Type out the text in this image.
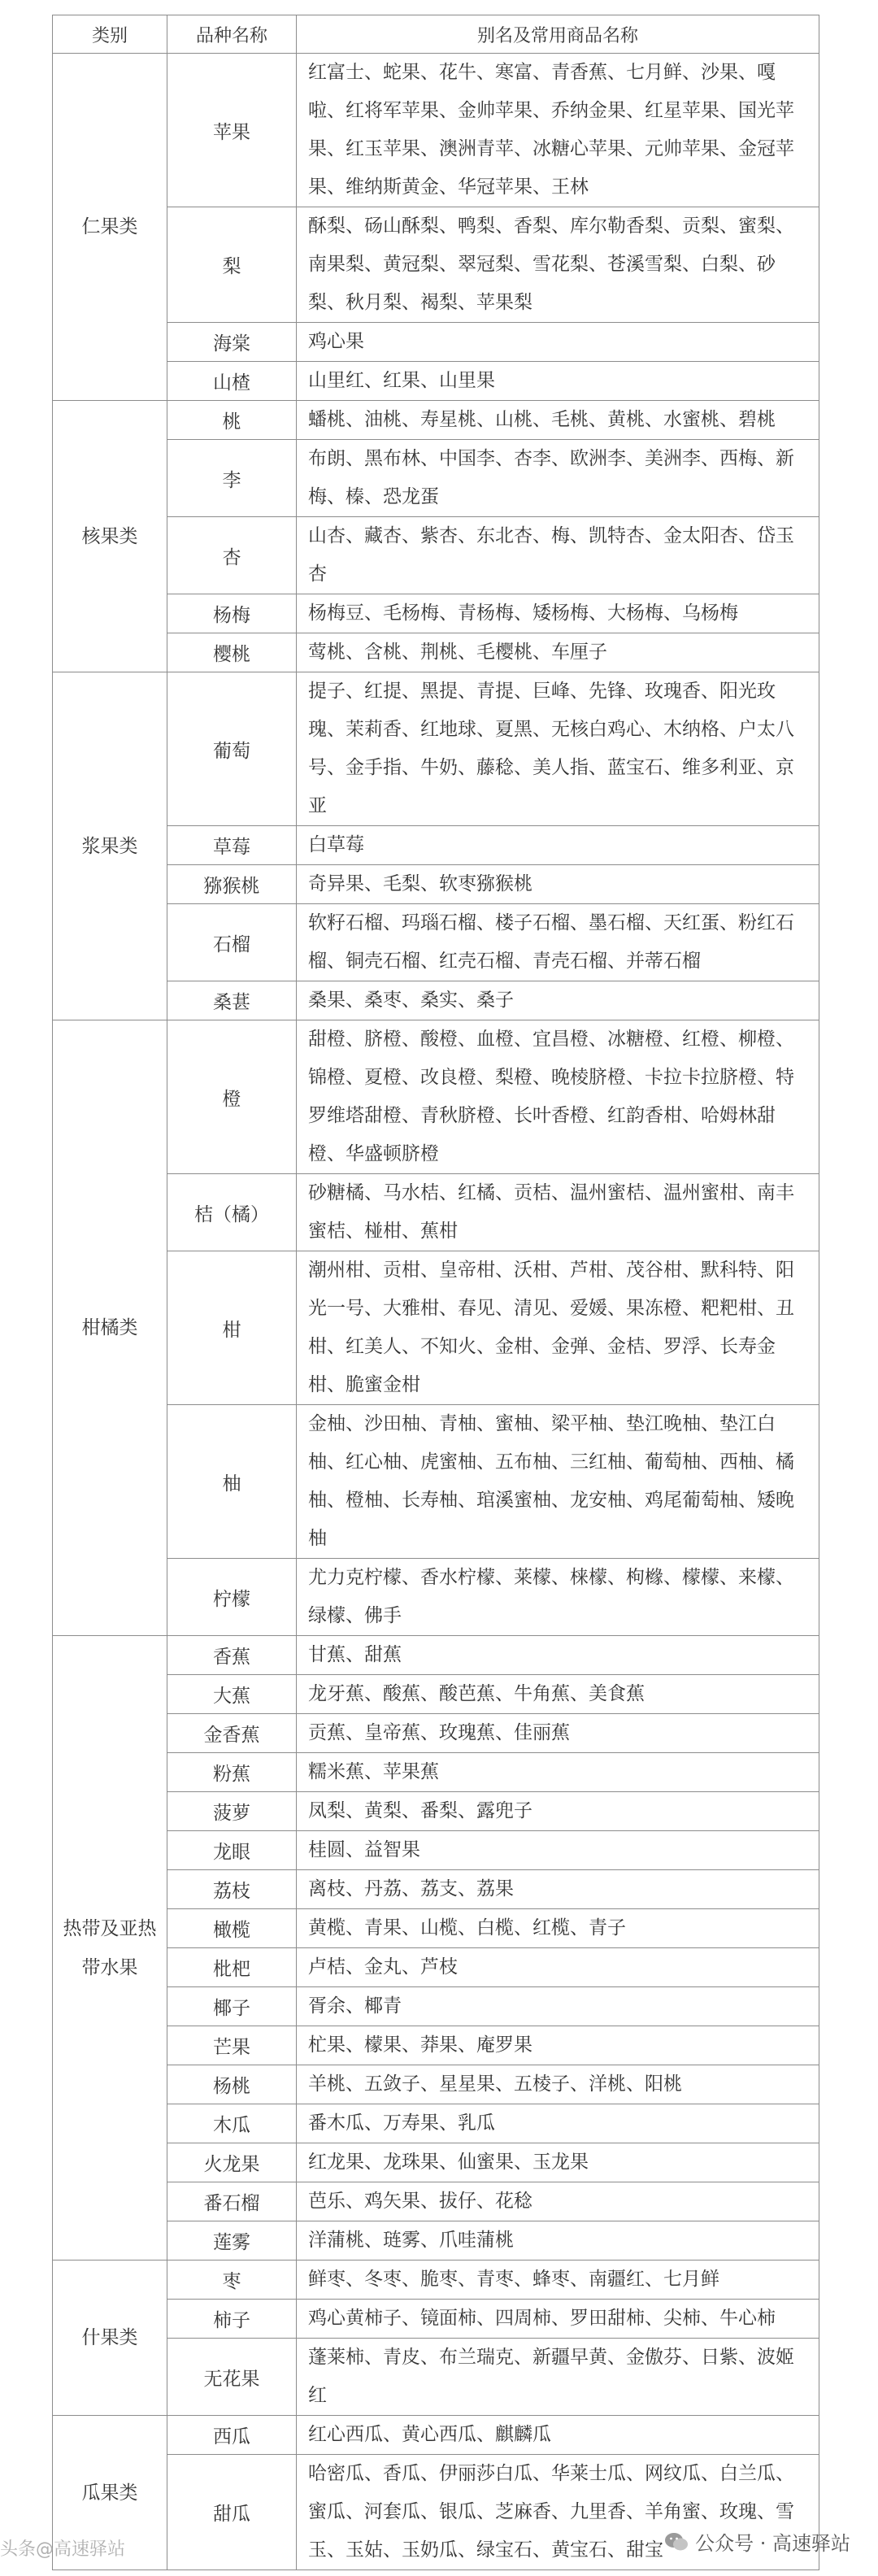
类别	品种名称	别名及常用商品名称
仁果类	苹果	红富士、蛇果、花牛、寒富、青香蕉、七月鲜、沙果、嘎啦、红将军苹果、金帅苹果、乔纳金果、红星苹果、国光苹果、红玉苹果、澳洲青苹、冰糖心苹果、元帅苹果、金冠苹果、维纳斯黄金、华冠苹果、王林
	梨	酥梨、砀山酥梨、鸭梨、香梨、库尔勒香梨、贡梨、蜜梨、南果梨、黄冠梨、翠冠梨、雪花梨、苍溪雪梨、白梨、砂梨、秋月梨、褐梨、苹果梨
	海棠	鸡心果
	山楂	山里红、红果、山里果
核果类	桃	蟠桃、油桃、寿星桃、山桃、毛桃、黄桃、水蜜桃、碧桃
	李	布朗、黑布林、中国李、杏李、欧洲李、美洲李、西梅、新梅、榛、恐龙蛋
	杏	山杏、藏杏、紫杏、东北杏、梅、凯特杏、金太阳杏、岱玉杏
	杨梅	杨梅豆、毛杨梅、青杨梅、矮杨梅、大杨梅、乌杨梅
	樱桃	莺桃、含桃、荆桃、毛樱桃、车厘子
浆果类	葡萄	提子、红提、黑提、青提、巨峰、先锋、玫瑰香、阳光玫瑰、茉莉香、红地球、夏黑、无核白鸡心、木纳格、户太八号、金手指、牛奶、藤稔、美人指、蓝宝石、维多利亚、京亚
	草莓	白草莓
	猕猴桃	奇异果、毛梨、软枣猕猴桃
	石榴	软籽石榴、玛瑙石榴、楼子石榴、墨石榴、天红蛋、粉红石榴、铜壳石榴、红壳石榴、青壳石榴、并蒂石榴
	桑葚	桑果、桑枣、桑实、桑子
柑橘类	橙	甜橙、脐橙、酸橙、血橙、宜昌橙、冰糖橙、红橙、柳橙、锦橙、夏橙、改良橙、梨橙、晚棱脐橙、卡拉卡拉脐橙、特罗维塔甜橙、青秋脐橙、长叶香橙、红韵香柑、哈姆林甜橙、华盛顿脐橙
	桔（橘）	砂糖橘、马水桔、红橘、贡桔、温州蜜桔、温州蜜柑、南丰蜜桔、椪柑、蕉柑
	柑	潮州柑、贡柑、皇帝柑、沃柑、芦柑、茂谷柑、默科特、阳光一号、大雅柑、春见、清见、爱媛、果冻橙、粑粑柑、丑柑、红美人、不知火、金柑、金弹、金桔、罗浮、长寿金柑、脆蜜金柑
	柚	金柚、沙田柚、青柚、蜜柚、梁平柚、垫江晚柚、垫江白柚、红心柚、虎蜜柚、五布柚、三红柚、葡萄柚、西柚、橘柚、橙柚、长寿柚、琯溪蜜柚、龙安柚、鸡尾葡萄柚、矮晚柚
	柠檬	尤力克柠檬、香水柠檬、莱檬、梾檬、枸橼、檬檬、来檬、绿檬、佛手
热带及亚热带水果	香蕉	甘蕉、甜蕉
	大蕉	龙牙蕉、酸蕉、酸芭蕉、牛角蕉、美食蕉
	金香蕉	贡蕉、皇帝蕉、玫瑰蕉、佳丽蕉
	粉蕉	糯米蕉、苹果蕉
	菠萝	凤梨、黄梨、番梨、露兜子
	龙眼	桂圆、益智果
	荔枝	离枝、丹荔、荔支、荔果
	橄榄	黄榄、青果、山榄、白榄、红榄、青子
	枇杷	卢桔、金丸、芦枝
	椰子	胥余、椰青
	芒果	杧果、檬果、莽果、庵罗果
	杨桃	羊桃、五敛子、星星果、五棱子、洋桃、阳桃
	木瓜	番木瓜、万寿果、乳瓜
	火龙果	红龙果、龙珠果、仙蜜果、玉龙果
	番石榴	芭乐、鸡矢果、拔仔、花稔
	莲雾	洋蒲桃、琏雾、爪哇蒲桃
什果类	枣	鲜枣、冬枣、脆枣、青枣、蜂枣、南疆红、七月鲜
	柿子	鸡心黄柿子、镜面柿、四周柿、罗田甜柿、尖柿、牛心柿
	无花果	蓬莱柿、青皮、布兰瑞克、新疆早黄、金傲芬、日紫、波姬红
瓜果类	西瓜	红心西瓜、黄心西瓜、麒麟瓜
	甜瓜	哈密瓜、香瓜、伊丽莎白瓜、华莱士瓜、网纹瓜、白兰瓜、蜜瓜、河套瓜、银瓜、芝麻香、九里香、羊角蜜、玫瑰、雪玉、玉姑、玉奶瓜、绿宝石、黄宝石、甜宝
头条@高速驿站	公众号 · 高速驿站
